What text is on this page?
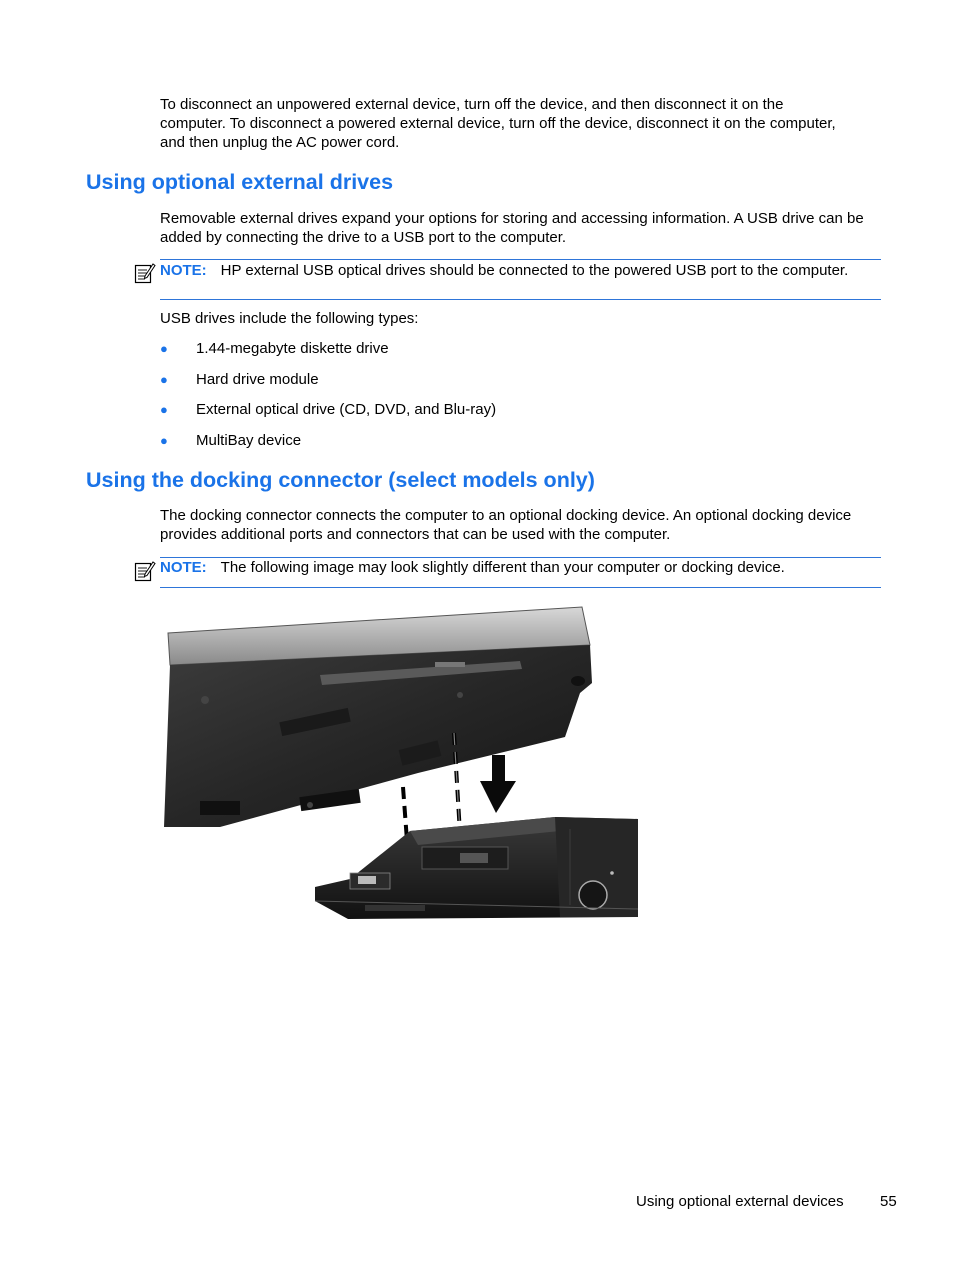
To disconnect an unpowered external device, turn off the device, and then disconnect it on the computer. To disconnect a powered external device, turn off the device, disconnect it on the computer, and then unplug the AC power cord.
Using optional external drives
Removable external drives expand your options for storing and accessing information. A USB drive can be added by connecting the drive to a USB port to the computer.
NOTE: HP external USB optical drives should be connected to the powered USB port to the computer.
USB drives include the following types:
● 1.44-megabyte diskette drive
● Hard drive module
● External optical drive (CD, DVD, and Blu-ray)
● MultiBay device
Using the docking connector (select models only)
The docking connector connects the computer to an optional docking device. An optional docking device provides additional ports and connectors that can be used with the computer.
NOTE: The following image may look slightly different than your computer or docking device.
Using optional external devices 55
